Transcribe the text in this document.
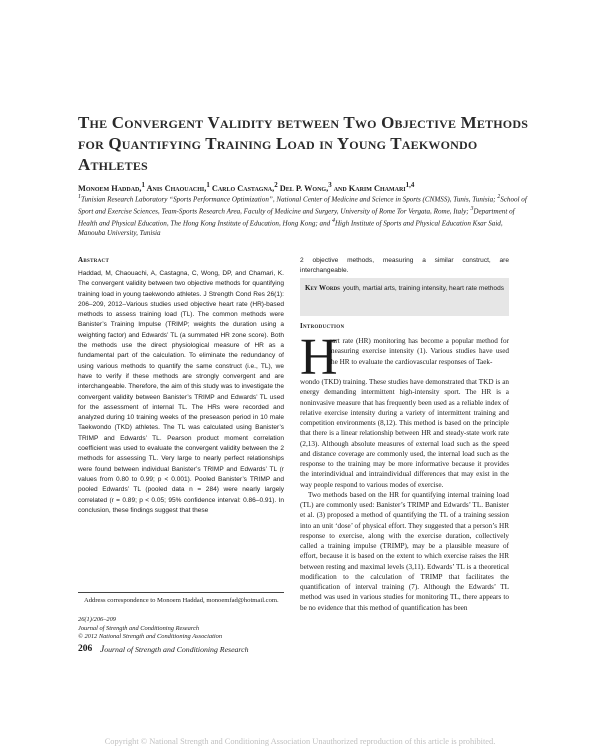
The Convergent Validity between Two Objective Methods for Quantifying Training Load in Young Taekwondo Athletes
Monoem Haddad,$^1$ Anis Chaouachi,$^1$ Carlo Castagna,$^2$ Del P. Wong,$^3$ and Karim Chamari$^{1,4}$
$^1$Tunisian Research Laboratory “Sports Performance Optimization”, National Center of Medicine and Science in Sports (CNMSS), Tunis, Tunisia; $^2$School of Sport and Exercise Sciences, Team-Sports Research Area, Faculty of Medicine and Surgery, University of Rome Tor Vergata, Rome, Italy; $^3$Department of Health and Physical Education, The Hong Kong Institute of Education, Hong Kong; and $^4$High Institute of Sports and Physical Education Ksar Said, Manouba University, Tunisia
Abstract
Haddad, M, Chaouachi, A, Castagna, C, Wong, DP, and Chamari, K. The convergent validity between two objective methods for quantifying training load in young taekwondo athletes. J Strength Cond Res 26(1): 206–209, 2012–Various studies used objective heart rate (HR)-based methods to assess training load (TL). The common methods were Banister’s Training Impulse (TRIMP; weights the duration using a weighting factor) and Edwards’ TL (a summated HR zone score). Both the methods use the direct physiological measure of HR as a fundamental part of the calculation. To eliminate the redundancy of using various methods to quantify the same construct (i.e., TL), we have to verify if these methods are strongly convergent and are interchangeable. Therefore, the aim of this study was to investigate the convergent validity between Banister’s TRIMP and Edwards’ TL used for the assessment of internal TL. The HRs were recorded and analyzed during 10 training weeks of the preseason period in 10 male Taekwondo (TKD) athletes. The TL was calculated using Banister’s TRIMP and Edwards’ TL. Pearson product moment correlation coefficient was used to evaluate the convergent validity between the 2 methods for assessing TL. Very large to nearly perfect relationships were found between individual Banister’s TRIMP and Edwards’ TL (r values from 0.80 to 0.99; p < 0.001). Pooled Banister’s TRIMP and pooled Edwards’ TL (pooled data n = 284) were nearly largely correlated (r = 0.89; p < 0.05; 95% confidence interval: 0.86–0.91). In conclusion, these findings suggest that these
2 objective methods, measuring a similar construct, are interchangeable.
Key Words youth, martial arts, training intensity, heart rate methods
Introduction
H
eart rate (HR) monitoring has become a popular method for measuring exercise intensity (1). Various studies have used the HR to evaluate the cardiovascular responses of Taek-

wondo (TKD) training. These studies have demonstrated that TKD is an energy demanding intermittent high-intensity sport. The HR is a noninvasive measure that has frequently been used as a reliable index of relative exercise intensity during a variety of intermittent training and competition environments (8,12). This method is based on the principle that there is a linear relationship between HR and steady-state work rate (2,13). Although absolute measures of external load such as the speed and distance coverage are commonly used, the internal load such as the response to the training may be more informative because it provides the interindividual and intraindividual differences that may exist in the way people respond to various modes of exercise.

Two methods based on the HR for quantifying internal training load (TL) are commonly used: Banister’s TRIMP and Edwards’ TL. Banister et al. (3) proposed a method of quantifying the TL of a training session into an unit ‘dose’ of physical effort. They suggested that a person’s HR response to exercise, along with the exercise duration, collectively called a training impulse (TRIMP), may be a plausible measure of effort, because it is based on the extent to which exercise raises the HR between resting and maximal levels (3,11). Edwards’ TL is a theoretical modification to the calculation of TRIMP that facilitates the quantification of interval training (7). Although the Edwards’ TL method was used in various studies for monitoring TL, there appears to be no evidence that this method of quantification has been

Address correspondence to Monoem Haddad, monoemfad@hotmail.com.
26(1)/206–209
Journal of Strength and Conditioning Research
© 2012 National Strength and Conditioning Association
206 Journal of Strength and Conditioning Research
Copyright © National Strength and Conditioning Association Unauthorized reproduction of this article is prohibited.
